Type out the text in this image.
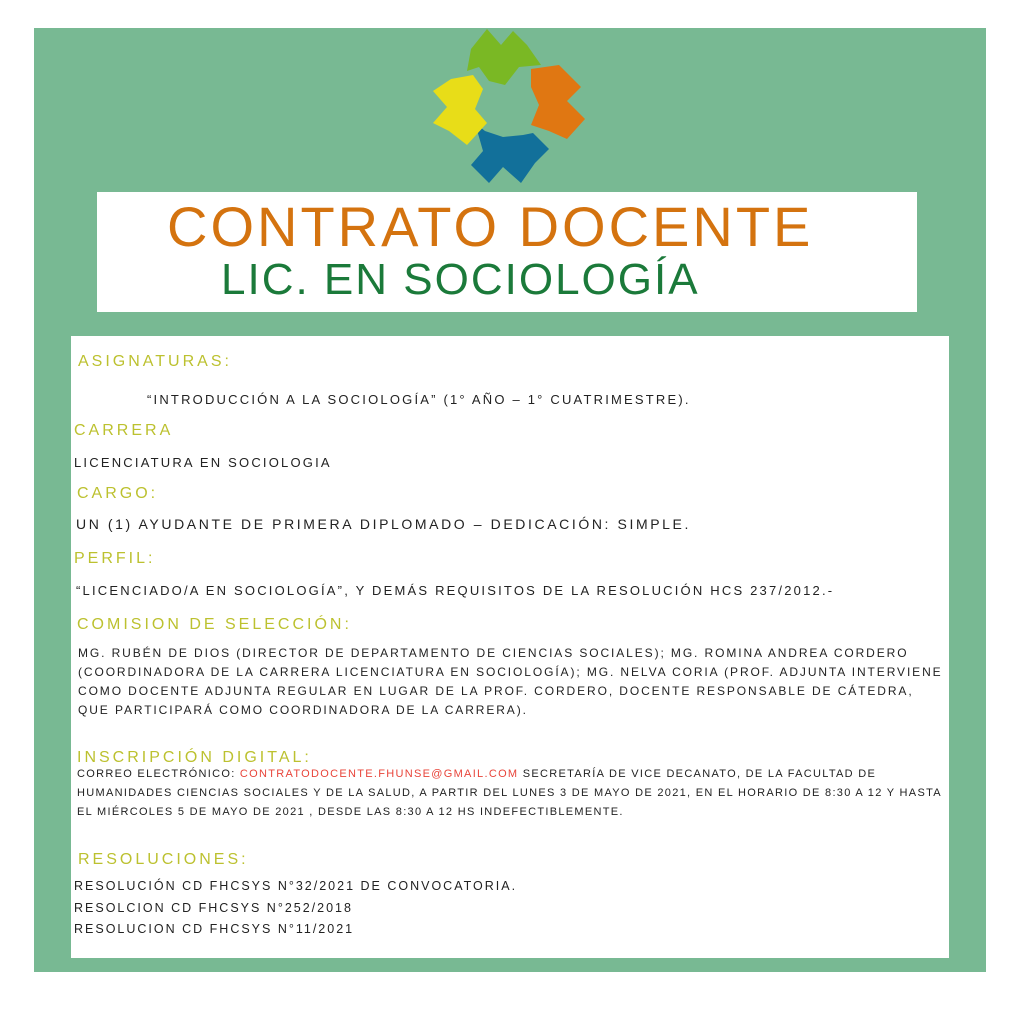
CONTRATO DOCENTE
LIC. EN SOCIOLOGÍA
ASIGNATURAS:

“INTRODUCCIÓN A LA SOCIOLOGÍA” (1° AÑO – 1° CUATRIMESTRE).

CARRERA

LICENCIATURA EN SOCIOLOGIA

CARGO:

UN (1) AYUDANTE DE PRIMERA DIPLOMADO – DEDICACIÓN: SIMPLE.

PERFIL:

“LICENCIADO/A EN SOCIOLOGÍA”, Y DEMÁS REQUISITOS DE LA RESOLUCIÓN HCS 237/2012.-

COMISION DE SELECCIÓN:

MG. RUBÉN DE DIOS (DIRECTOR DE DEPARTAMENTO DE CIENCIAS SOCIALES); MG. ROMINA ANDREA CORDERO (COORDINADORA DE LA CARRERA LICENCIATURA EN SOCIOLOGÍA); MG. NELVA CORIA (PROF. ADJUNTA INTERVIENE COMO DOCENTE ADJUNTA REGULAR EN LUGAR DE LA PROF. CORDERO, DOCENTE RESPONSABLE DE CÁTEDRA, QUE PARTICIPARÁ COMO COORDINADORA DE LA CARRERA).

INSCRIPCIÓN DIGITAL:

CORREO ELECTRÓNICO: CONTRATODOCENTE.FHUNSE@GMAIL.COM SECRETARÍA DE VICE DECANATO, DE LA FACULTAD DE HUMANIDADES CIENCIAS SOCIALES Y DE LA SALUD, A PARTIR DEL LUNES 3 DE MAYO DE 2021, EN EL HORARIO DE 8:30 A 12 Y HASTA EL MIÉRCOLES 5 DE MAYO DE 2021 , DESDE LAS 8:30 A 12 HS INDEFECTIBLEMENTE.

RESOLUCIONES:

RESOLUCIÓN CD FHCSYS N°32/2021 DE CONVOCATORIA.

RESOLCION CD FHCSYS N°252/2018

RESOLUCION CD FHCSYS N°11/2021
